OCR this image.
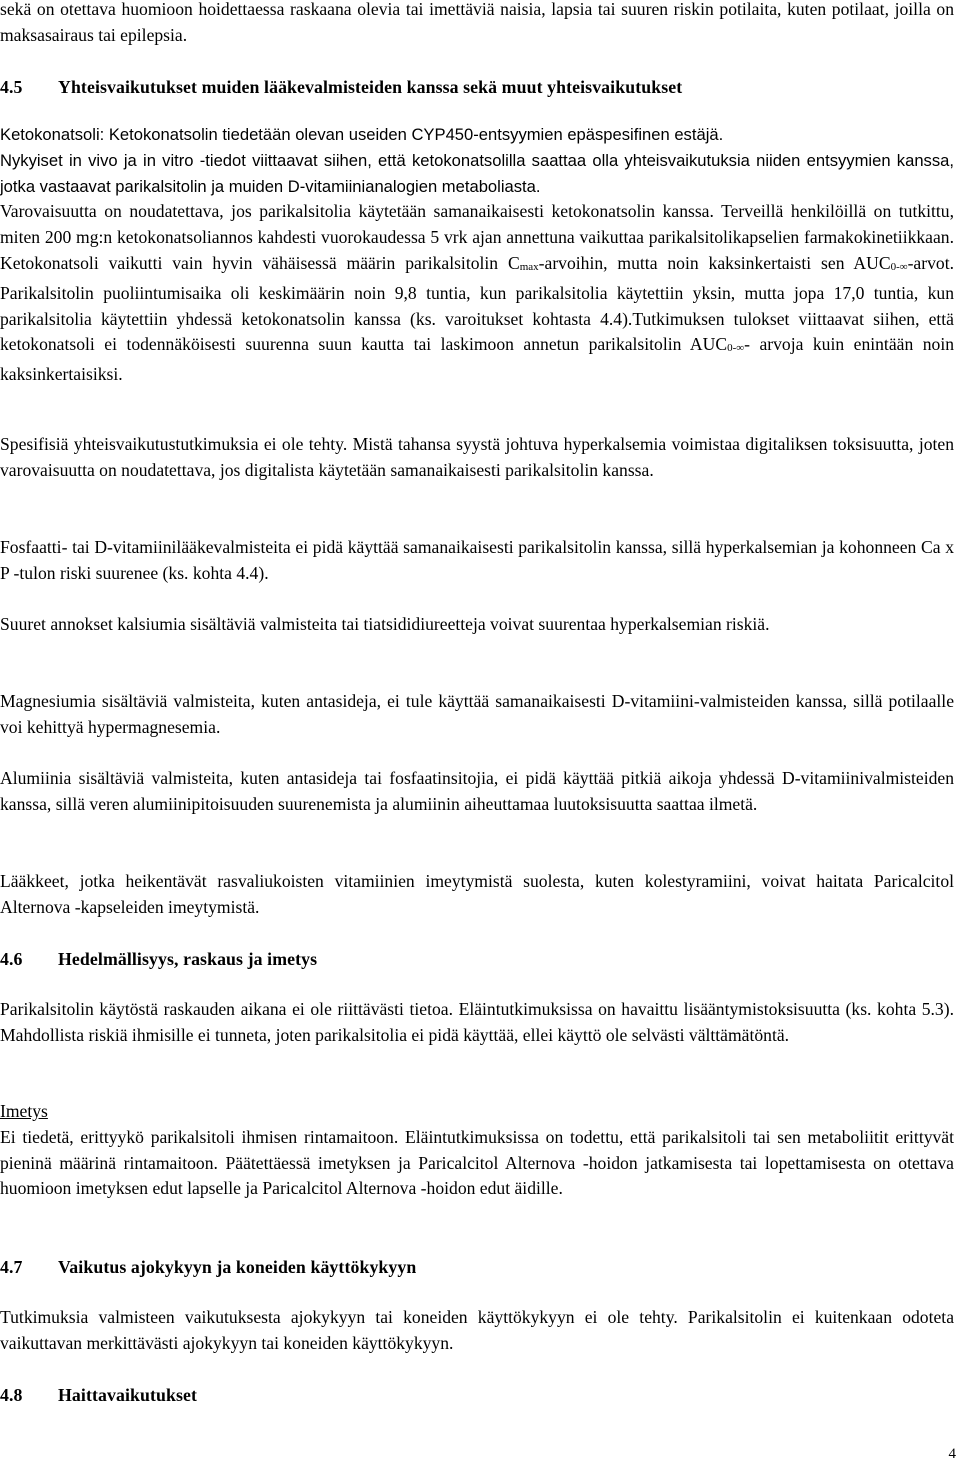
sekä on otettava huomioon hoidettaessa raskaana olevia tai imettäviä naisia, lapsia tai suuren riskin potilaita, kuten potilaat, joilla on maksasairaus tai epilepsia.

4.5 Yhteisvaikutukset muiden lääkevalmisteiden kanssa sekä muut yhteisvaikutukset

Ketokonatsoli: Ketokonatsolin tiedetään olevan useiden CYP450-entsyymien epäspesifinen estäjä.

Nykyiset in vivo ja in vitro -tiedot viittaavat siihen, että ketokonatsolilla saattaa olla yhteisvaikutuksia niiden entsyymien kanssa, jotka vastaavat parikalsitolin ja muiden D-vitamiinianalogien metaboliasta.

Varovaisuutta on noudatettava, jos parikalsitolia käytetään samanaikaisesti ketokonatsolin kanssa. Terveillä henkilöillä on tutkittu, miten 200 mg:n ketokonatsoliannos kahdesti vuorokaudessa 5 vrk ajan annettuna vaikuttaa parikalsitolikapselien farmakokinetiikkaan. Ketokonatsoli vaikutti vain hyvin vähäisessä määrin parikalsitolin Cmax-arvoihin, mutta noin kaksinkertaisti sen AUC0-∞-arvot. Parikalsitolin puoliintumisaika oli keskimäärin noin 9,8 tuntia, kun parikalsitolia käytettiin yksin, mutta jopa 17,0 tuntia, kun parikalsitolia käytettiin yhdessä ketokonatsolin kanssa (ks. varoitukset kohtasta 4.4).Tutkimuksen tulokset viittaavat siihen, että ketokonatsoli ei todennäköisesti suurenna suun kautta tai laskimoon annetun parikalsitolin AUC0-∞- arvoja kuin enintään noin kaksinkertaisiksi.

Spesifisiä yhteisvaikutustutkimuksia ei ole tehty. Mistä tahansa syystä johtuva hyperkalsemia voimistaa digitaliksen toksisuutta, joten varovaisuutta on noudatettava, jos digitalista käytetään samanaikaisesti parikalsitolin kanssa.

Fosfaatti- tai D-vitamiinilääkevalmisteita ei pidä käyttää samanaikaisesti parikalsitolin kanssa, sillä hyperkalsemian ja kohonneen Ca x P -tulon riski suurenee (ks. kohta 4.4).

Suuret annokset kalsiumia sisältäviä valmisteita tai tiatsididiureetteja voivat suurentaa hyperkalsemian riskiä.

Magnesiumia sisältäviä valmisteita, kuten antasideja, ei tule käyttää samanaikaisesti D-vitamiini-valmisteiden kanssa, sillä potilaalle voi kehittyä hypermagnesemia.

Alumiinia sisältäviä valmisteita, kuten antasideja tai fosfaatinsitojia, ei pidä käyttää pitkiä aikoja yhdessä D-vitamiinivalmisteiden kanssa, sillä veren alumiinipitoisuuden suurenemista ja alumiinin aiheuttamaa luutoksisuutta saattaa ilmetä.

Lääkkeet, jotka heikentävät rasvaliukoisten vitamiinien imeytymistä suolesta, kuten kolestyramiini, voivat haitata Paricalcitol Alternova -kapseleiden imeytymistä.

4.6 Hedelmällisyys, raskaus ja imetys

Parikalsitolin käytöstä raskauden aikana ei ole riittävästi tietoa. Eläintutkimuksissa on havaittu lisääntymistoksisuutta (ks. kohta 5.3). Mahdollista riskiä ihmisille ei tunneta, joten parikalsitolia ei pidä käyttää, ellei käyttö ole selvästi välttämätöntä.

Imetys

Ei tiedetä, erittyykö parikalsitoli ihmisen rintamaitoon. Eläintutkimuksissa on todettu, että parikalsitoli tai sen metaboliitit erittyvät pieninä määrinä rintamaitoon. Päätettäessä imetyksen ja Paricalcitol Alternova -hoidon jatkamisesta tai lopettamisesta on otettava huomioon imetyksen edut lapselle ja Paricalcitol Alternova -hoidon edut äidille.

4.7 Vaikutus ajokykyyn ja koneiden käyttökykyyn

Tutkimuksia valmisteen vaikutuksesta ajokykyyn tai koneiden käyttökykyyn ei ole tehty. Parikalsitolin ei kuitenkaan odoteta vaikuttavan merkittävästi ajokykyyn tai koneiden käyttökykyyn.

4.8 Haittavaikutukset
4
